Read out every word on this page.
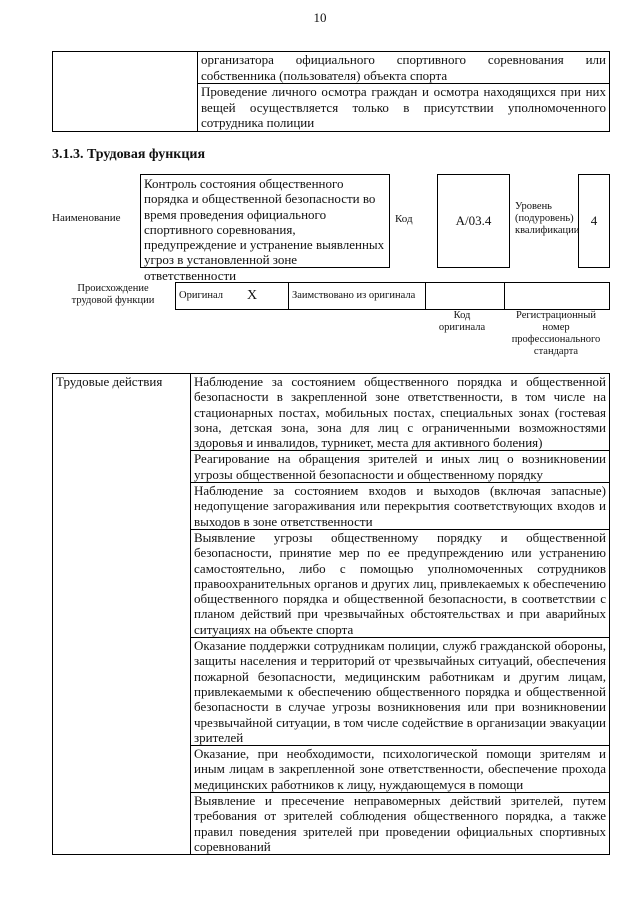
10
	организатора официального спортивного соревнования или собственника (пользователя) объекта спорта
Проведение личного осмотра граждан и осмотра находящихся при них вещей осуществляется только в присутствии уполномоченного сотрудника полиции
3.1.3. Трудовая функция
Наименование
Контроль состояния общественного порядка и общественной безопасности во время проведения официального спортивного соревнования, предупреждение и устранение выявленных угроз в установленной зоне ответственности
Код	A/03.4
Уровень (подуровень) квалификации
4
Происхождение трудовой функции	Оригинал	X	Заимствовано из оригинала		
Код оригинала
Регистрационный номер профессионального стандарта
Трудовые действия	Наблюдение за состоянием общественного порядка и общественной безопасности в закрепленной зоне ответственности, в том числе на стационарных постах, мобильных постах, специальных зонах (гостевая зона, детская зона, зона для лиц с ограниченными возможностями здоровья и инвалидов, турникет, места для активного боления)
Реагирование на обращения зрителей и иных лиц о возникновении угрозы общественной безопасности и общественному порядку
Наблюдение за состоянием входов и выходов (включая запасные) недопущение загораживания или перекрытия соответствующих входов и выходов в зоне ответственности
Выявление угрозы общественному порядку и общественной безопасности, принятие мер по ее предупреждению или устранению самостоятельно, либо с помощью уполномоченных сотрудников правоохранительных органов и других лиц, привлекаемых к обеспечению общественного порядка и общественной безопасности, в соответствии с планом действий при чрезвычайных обстоятельствах и при аварийных ситуациях на объекте спорта
Оказание поддержки сотрудникам полиции, служб гражданской обороны, защиты населения и территорий от чрезвычайных ситуаций, обеспечения пожарной безопасности, медицинским работникам и другим лицам, привлекаемыми к обеспечению общественного порядка и общественной безопасности в случае угрозы возникновения или при возникновении чрезвычайной ситуации, в том числе содействие в организации эвакуации зрителей
Оказание, при необходимости, психологической помощи зрителям и иным лицам в закрепленной зоне ответственности, обеспечение прохода медицинских работников к лицу, нуждающемуся в помощи
Выявление и пресечение неправомерных действий зрителей, путем требования от зрителей соблюдения общественного порядка, а также правил поведения зрителей при проведении официальных спортивных соревнований
